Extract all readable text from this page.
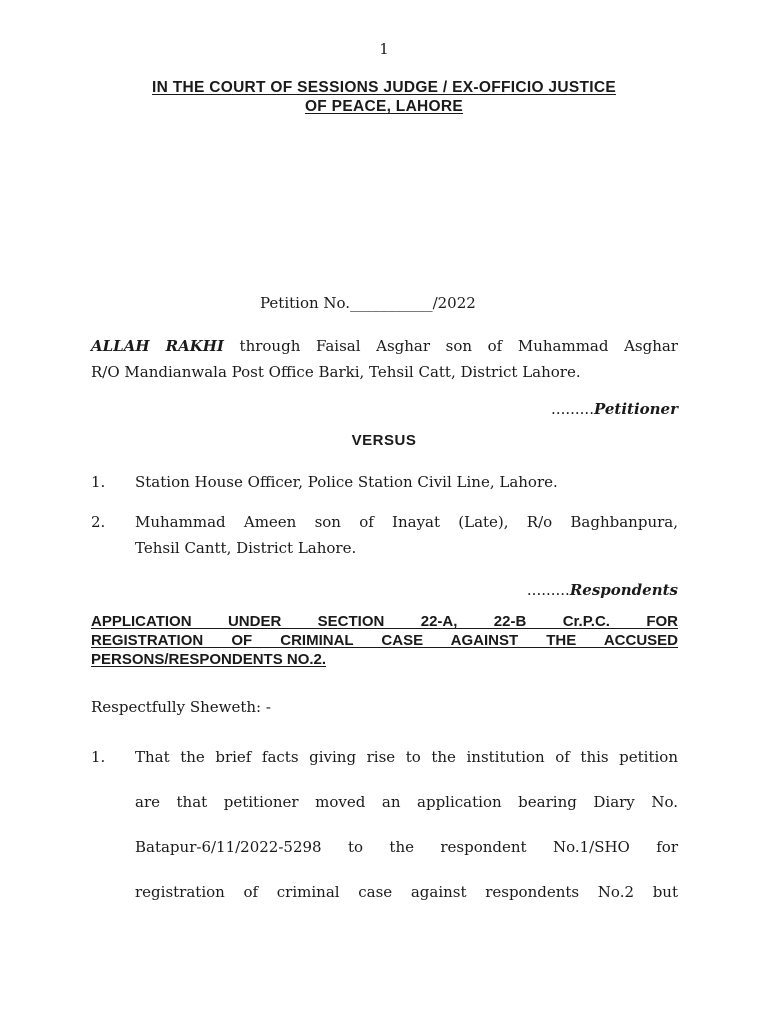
1
IN THE COURT OF SESSIONS JUDGE / EX-OFFICIO JUSTICE
OF PEACE, LAHORE
Petition No.___________/2022
ALLAH RAKHI through Faisal Asghar son of Muhammad Asghar
R/O Mandianwala Post Office Barki, Tehsil Catt, District Lahore.
.........Petitioner
VERSUS
1. Station House Officer, Police Station Civil Line, Lahore.
2. Muhammad Ameen son of Inayat (Late), R/o Baghbanpura,
Tehsil Cantt, District Lahore.
.........Respondents
APPLICATION UNDER SECTION 22-A, 22-B Cr.P.C. FOR
REGISTRATION OF CRIMINAL CASE AGAINST THE ACCUSED
PERSONS/RESPONDENTS NO.2.
Respectfully Sheweth: -
1. That the brief facts giving rise to the institution of this petition
are that petitioner moved an application bearing Diary No.
Batapur-6/11/2022-5298 to the respondent No.1/SHO for
registration of criminal case against respondents No.2 but
